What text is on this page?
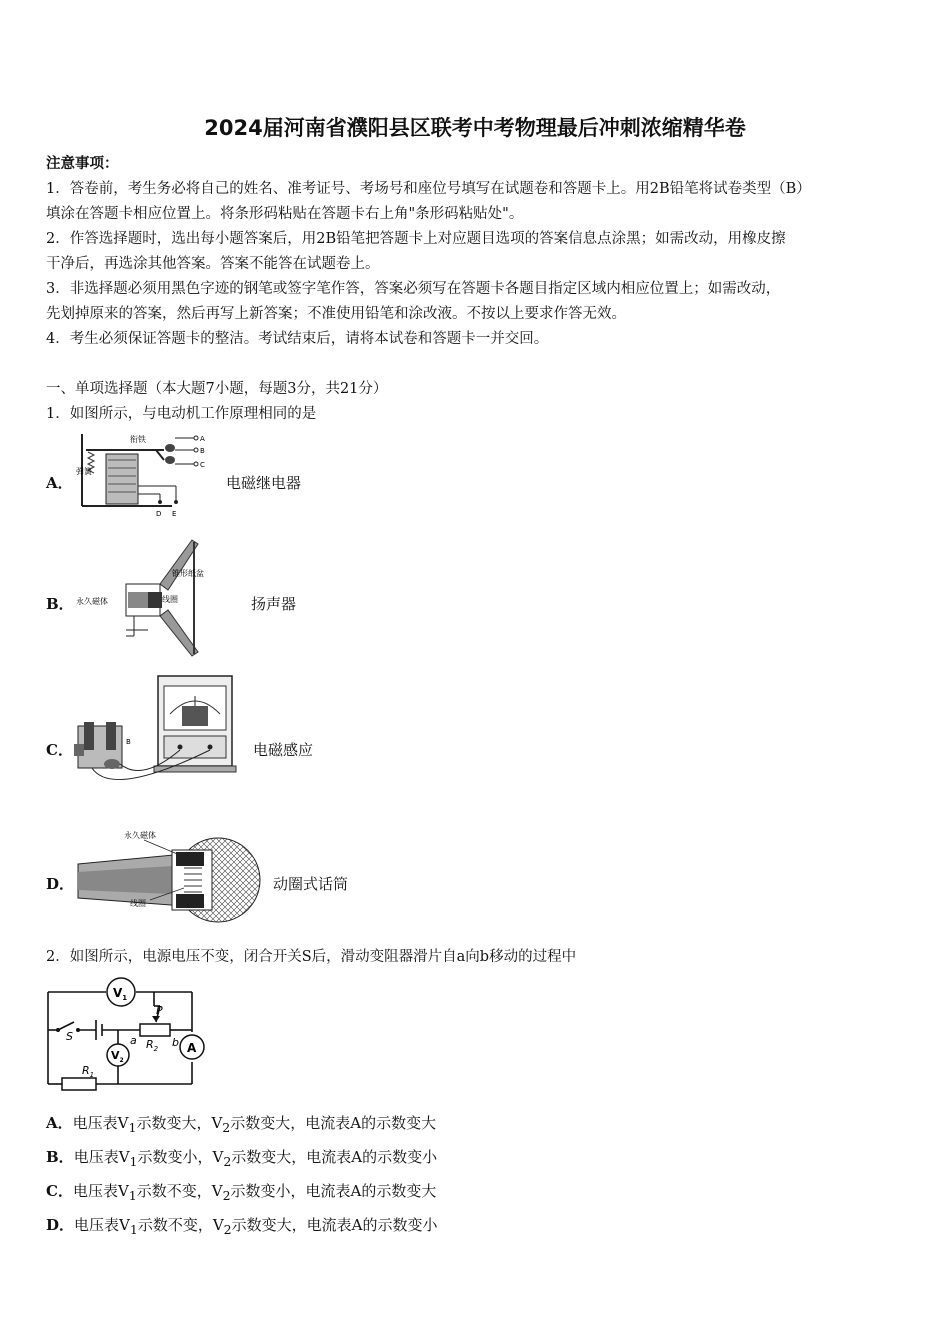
2024届河南省濮阳县区联考中考物理最后冲刺浓缩精华卷
注意事项：
1．答卷前，考生务必将自己的姓名、准考证号、考场号和座位号填写在试题卷和答题卡上。用2B铅笔将试卷类型（B）
填涂在答题卡相应位置上。将条形码粘贴在答题卡右上角"条形码粘贴处"。
2．作答选择题时，选出每小题答案后，用2B铅笔把答题卡上对应题目选项的答案信息点涂黑；如需改动，用橡皮擦
干净后，再选涂其他答案。答案不能答在试题卷上。
3．非选择题必须用黑色字迹的钢笔或签字笔作答，答案必须写在答题卡各题目指定区域内相应位置上；如需改动，
先划掉原来的答案，然后再写上新答案；不准使用铅笔和涂改液。不按以上要求作答无效。
4．考生必须保证答题卡的整洁。考试结束后，请将本试卷和答题卡一并交回。
一、单项选择题（本大题7小题，每题3分，共21分）
1．如图所示，与电动机工作原理相同的是
A．
A
B
C
衔铁
弹簧
D E
电磁继电器
B．
锥形纸盆
永久磁体	线圈	扬声器
C．	B	电磁感应
D．
永久磁体
线圈
动圈式话筒
2．如图所示，电源电压不变，闭合开关S后，滑动变阻器滑片自a向b移动的过程中
$V_1$
$V_2$
A
S
P
$R_2$
$R_1$
a	b
A．电压表$V_1$示数变大，$V_2$示数变大，电流表A的示数变大
B．电压表$V_1$示数变小，$V_2$示数变大，电流表A的示数变小
C．电压表$V_1$示数不变，$V_2$示数变小，电流表A的示数变大
D．电压表$V_1$示数不变，$V_2$示数变大，电流表A的示数变小
